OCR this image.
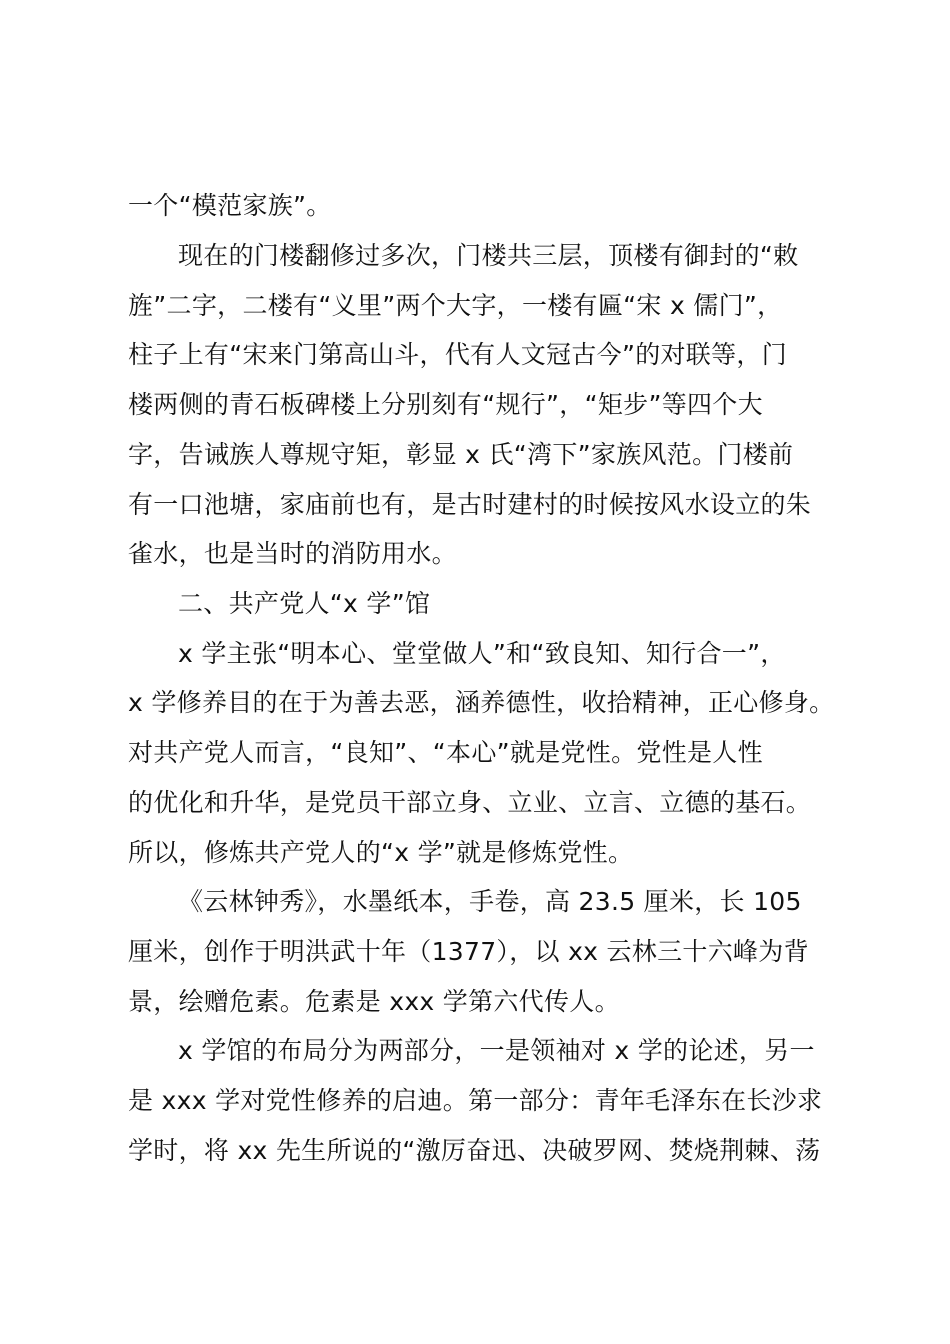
一个“模范家族”。
现在的门楼翻修过多次，门楼共三层，顶楼有御封的“敕
旌”二字，二楼有“义里”两个大字，一楼有匾“宋 x 儒门”，
柱子上有“宋来门第高山斗，代有人文冠古今”的对联等，门
楼两侧的青石板碑楼上分别刻有“规行”，“矩步”等四个大
字，告诫族人尊规守矩，彰显 x 氏“湾下”家族风范。门楼前
有一口池塘，家庙前也有，是古时建村的时候按风水设立的朱
雀水，也是当时的消防用水。
二、共产党人“x 学”馆
x 学主张“明本心、堂堂做人”和“致良知、知行合一”，
x 学修养目的在于为善去恶，涵养德性，收拾精神，正心修身。
对共产党人而言，“良知”、“本心”就是党性。党性是人性
的优化和升华，是党员干部立身、立业、立言、立德的基石。
所以，修炼共产党人的“x 学”就是修炼党性。
《云林钟秀》，水墨纸本，手卷，高 23.5 厘米，长 105
厘米，创作于明洪武十年（1377），以 xx 云林三十六峰为背
景，绘赠危素。危素是 xxx 学第六代传人。
x 学馆的布局分为两部分，一是领袖对 x 学的论述，另一
是 xxx 学对党性修养的启迪。第一部分：青年毛泽东在长沙求
学时，将 xx 先生所说的“激厉奋迅、决破罗网、焚烧荆棘、荡
